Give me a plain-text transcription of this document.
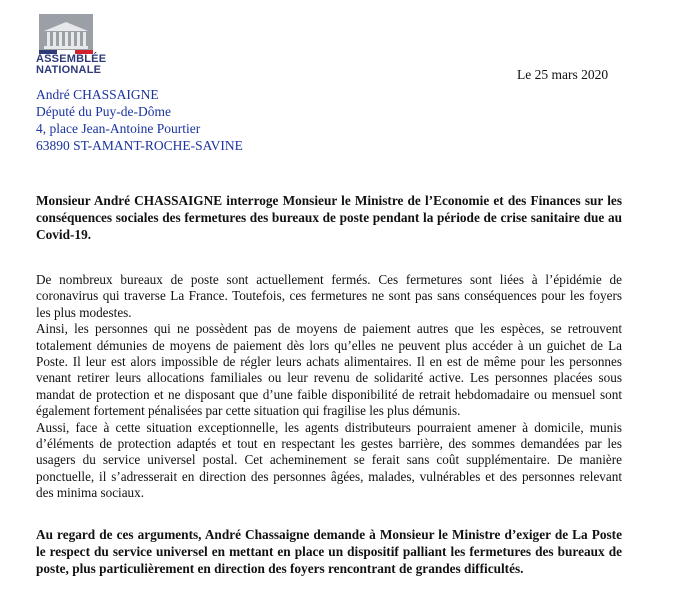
ASSEMBLÉE
NATIONALE	Le 25 mars 2020
André CHASSAIGNE
Député du Puy-de-Dôme
4, place Jean-Antoine Pourtier
63890 ST-AMANT-ROCHE-SAVINE
Monsieur André CHASSAIGNE interroge Monsieur le Ministre de l’Economie et des Finances sur les conséquences sociales des fermetures des bureaux de poste pendant la période de crise sanitaire due au Covid-19.

De nombreux bureaux de poste sont actuellement fermés. Ces fermetures sont liées à l’épidémie de coronavirus qui traverse La France. Toutefois, ces fermetures ne sont pas sans conséquences pour les foyers les plus modestes.

Ainsi, les personnes qui ne possèdent pas de moyens de paiement autres que les espèces, se retrouvent totalement démunies de moyens de paiement dès lors qu’elles ne peuvent plus accéder à un guichet de La Poste. Il leur est alors impossible de régler leurs achats alimentaires. Il en est de même pour les personnes venant retirer leurs allocations familiales ou leur revenu de solidarité active. Les personnes placées sous mandat de protection et ne disposant que d’une faible disponibilité de retrait hebdomadaire ou mensuel sont également fortement pénalisées par cette situation qui fragilise les plus démunis.

Aussi, face à cette situation exceptionnelle, les agents distributeurs pourraient amener à domicile, munis d’éléments de protection adaptés et tout en respectant les gestes barrière, des sommes demandées par les usagers du service universel postal. Cet acheminement se ferait sans coût supplémentaire. De manière ponctuelle, il s’adresserait en direction des personnes âgées, malades, vulnérables et des personnes relevant des minima sociaux.

Au regard de ces arguments, André Chassaigne demande à Monsieur le Ministre d’exiger de La Poste le respect du service universel en mettant en place un dispositif palliant les fermetures des bureaux de poste, plus particulièrement en direction des foyers rencontrant de grandes difficultés.
